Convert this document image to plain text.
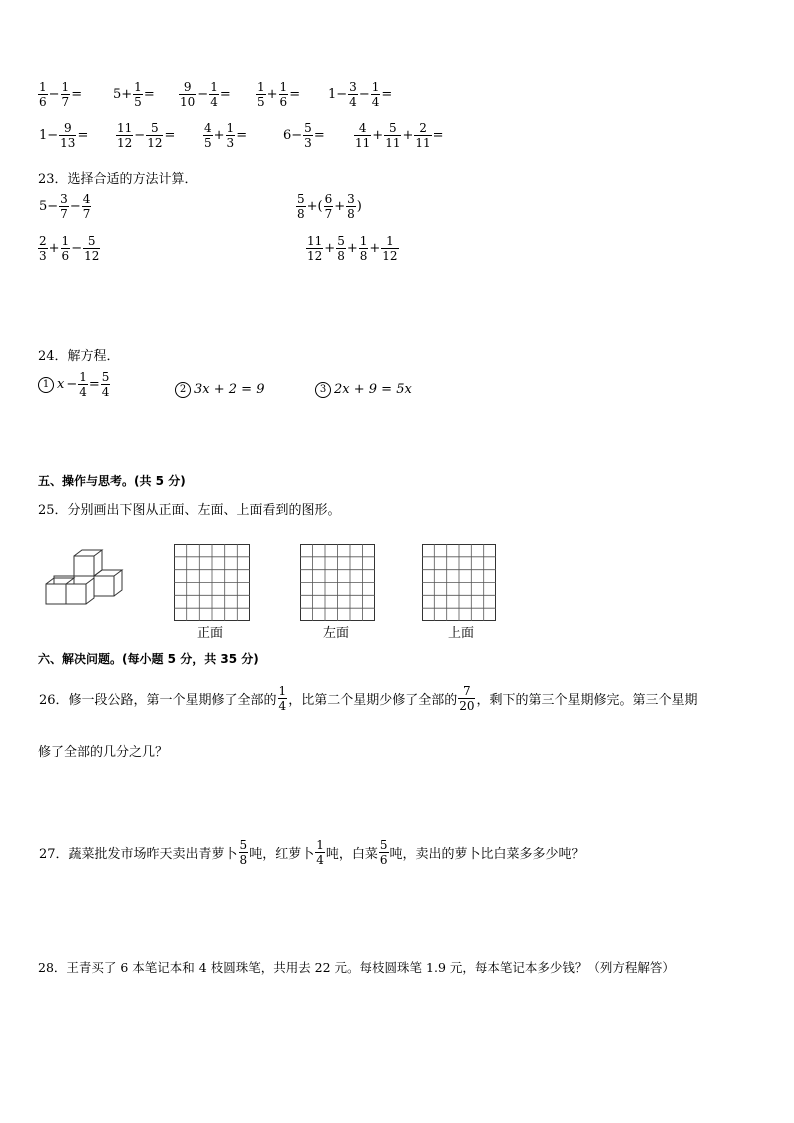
$\frac{1}{6} - \frac{1}{7} = 5+ \frac{1}{5} = \frac{9}{10} - \frac{1}{4} = \frac{1}{5} + \frac{1}{6} = 1- \frac{3}{4} - \frac{1}{4}$ =
$1- \frac{9}{13} = \frac{11}{12} - \frac{5}{12} = \frac{4}{5} + \frac{1}{3}$ =	$6- \frac{5}{3} = \frac{4}{11} + \frac{5}{11} + \frac{2}{11}$ =
23．选择合适的方法计算．
$5- \frac{3}{7} - \frac{4}{7}$	$\frac{5}{8}$ +( $\frac{6}{7} + \frac{3}{8}$ )
$\frac{2}{3} + \frac{1}{6} - \frac{5}{12}$	$\frac{11}{12} + \frac{5}{8} + \frac{1}{8} + \frac{1}{12}$
24．解方程．
1 $x - \frac{1}{4} = \frac{5}{4}$	2 3x + 2 = 9	3 2x + 9 = 5x
五、操作与思考。(共 5 分)
25．分别画出下图从正面、左面、上面看到的图形。
正面	左面	上面
六、解决问题。(每小题 5 分，共 35 分)
26．修一段公路，第一个星期修了全部的 $\frac{1}{4}$ ，比第二个星期少修了全部的 $\frac{7}{20}$ ，剩下的第三个星期修完。第三个星期
修了全部的几分之几？
27．蔬菜批发市场昨天卖出青萝卜 $\frac{5}{8}$ 吨，红萝卜 $\frac{1}{4}$ 吨，白菜 $\frac{5}{6}$ 吨，卖出的萝卜比白菜多多少吨？
28．王青买了 6 本笔记本和 4 枝圆珠笔，共用去 22 元。每枝圆珠笔 1.9 元，每本笔记本多少钱？（列方程解答）
